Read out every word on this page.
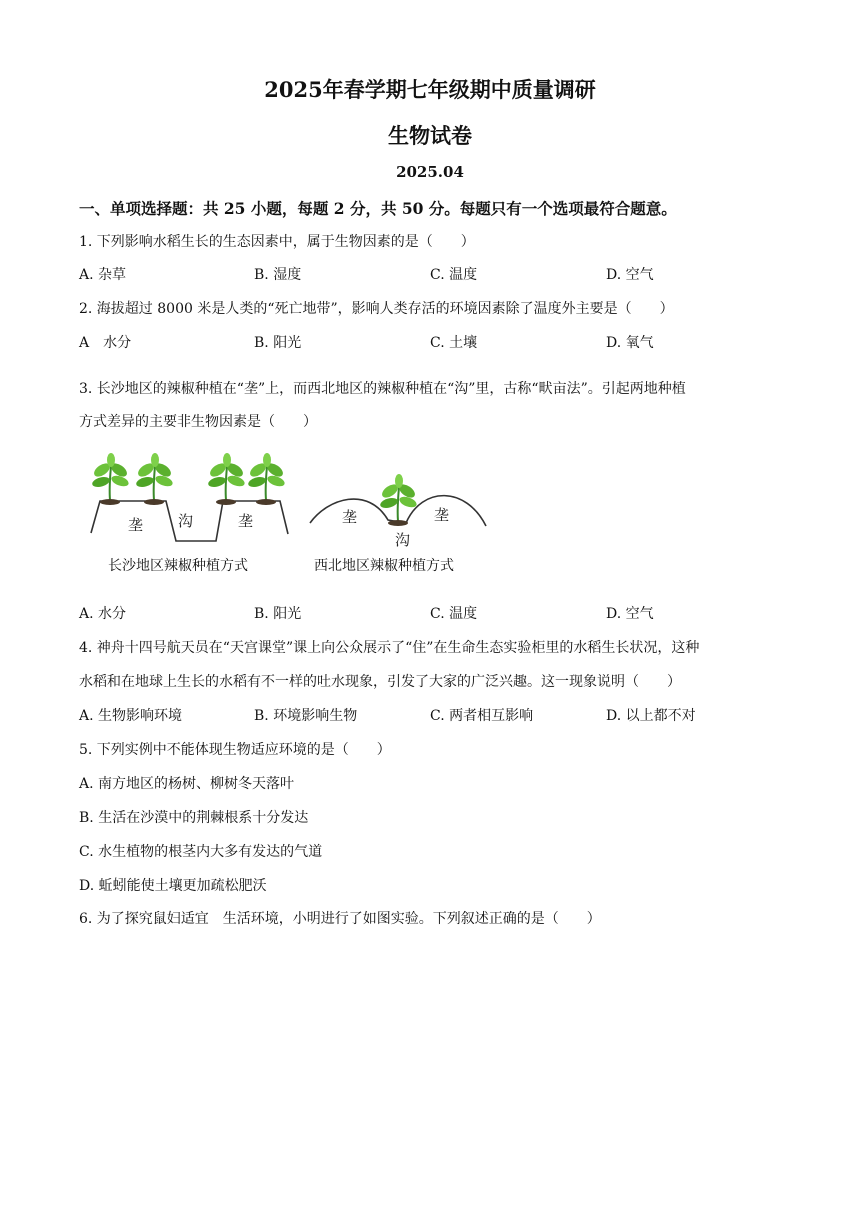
2025年春学期七年级期中质量调研
生物试卷
2025.04
一、单项选择题：共 25 小题，每题 2 分，共 50 分。每题只有一个选项最符合题意。
1. 下列影响水稻生长的生态因素中，属于生物因素的是（　　）
A. 杂草	B. 湿度	C. 温度	D. 空气
2. 海拔超过 8000 米是人类的“死亡地带”，影响人类存活的环境因素除了温度外主要是（　　）
A　水分	B. 阳光	C. 土壤	D. 氧气
3. 长沙地区的辣椒种植在“垄”上，而西北地区的辣椒种植在“沟”里，古称“畎亩法”。引起两地种植
方式差异的主要非生物因素是（　　）
垄 沟	垄	垄	垄
沟
长沙地区辣椒种植方式	西北地区辣椒种植方式
A. 水分	B. 阳光	C. 温度	D. 空气
4. 神舟十四号航天员在“天宫课堂”课上向公众展示了“住”在生命生态实验柜里的水稻生长状况，这种
水稻和在地球上生长的水稻有不一样的吐水现象，引发了大家的广泛兴趣。这一现象说明（　　）
A. 生物影响环境	B. 环境影响生物	C. 两者相互影响	D. 以上都不对
5. 下列实例中不能体现生物适应环境的是（　　）
A. 南方地区的杨树、柳树冬天落叶
B. 生活在沙漠中的荆棘根系十分发达
C. 水生植物的根茎内大多有发达的气道
D. 蚯蚓能使土壤更加疏松肥沃
6. 为了探究鼠妇适宜　生活环境，小明进行了如图实验。下列叙述正确的是（　　）
